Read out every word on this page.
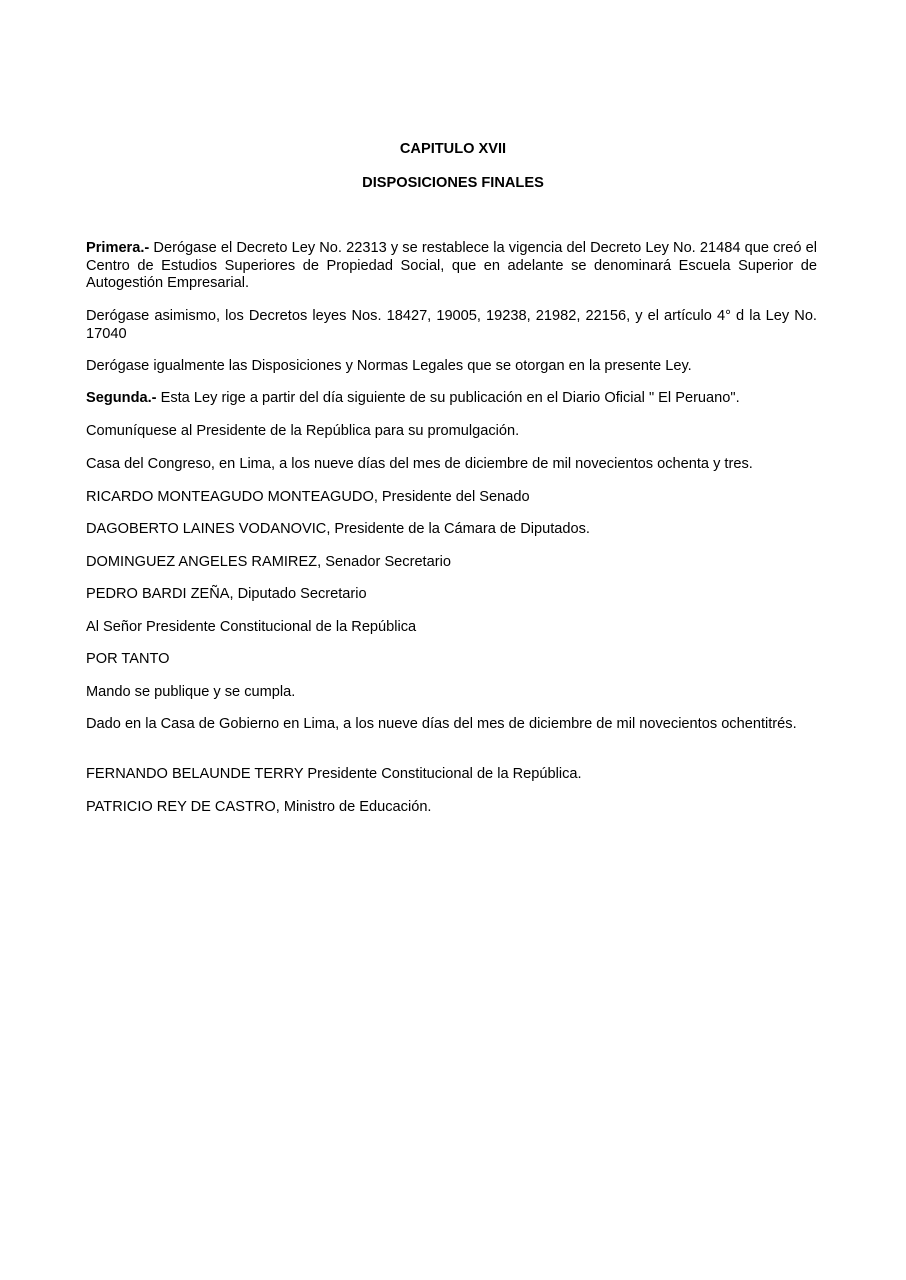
CAPITULO XVII
DISPOSICIONES FINALES

Primera.- Derógase el Decreto Ley No. 22313 y se restablece la vigencia del Decreto Ley No. 21484 que creó el Centro de Estudios Superiores de Propiedad Social, que en adelante se denominará Escuela Superior de Autogestión Empresarial.

Derógase asimismo, los Decretos leyes Nos. 18427, 19005, 19238, 21982, 22156, y el artículo 4° d la Ley No. 17040

Derógase igualmente las Disposiciones y Normas Legales que se otorgan en la presente Ley.

Segunda.- Esta Ley rige a partir del día siguiente de su publicación en el Diario Oficial " El Peruano".

Comuníquese al Presidente de la República para su promulgación.

Casa del Congreso, en Lima, a los nueve días del mes de diciembre de mil novecientos ochenta y tres.

RICARDO MONTEAGUDO MONTEAGUDO, Presidente del Senado

DAGOBERTO LAINES VODANOVIC, Presidente de la Cámara de Diputados.

DOMINGUEZ ANGELES RAMIREZ, Senador Secretario

PEDRO BARDI ZEÑA, Diputado Secretario

Al Señor Presidente Constitucional de la República

POR TANTO

Mando se publique y se cumpla.

Dado en la Casa de Gobierno en Lima, a los nueve días del mes de diciembre de mil novecientos ochentitrés.

FERNANDO BELAUNDE TERRY Presidente Constitucional de la República.

PATRICIO REY DE CASTRO, Ministro de Educación.
